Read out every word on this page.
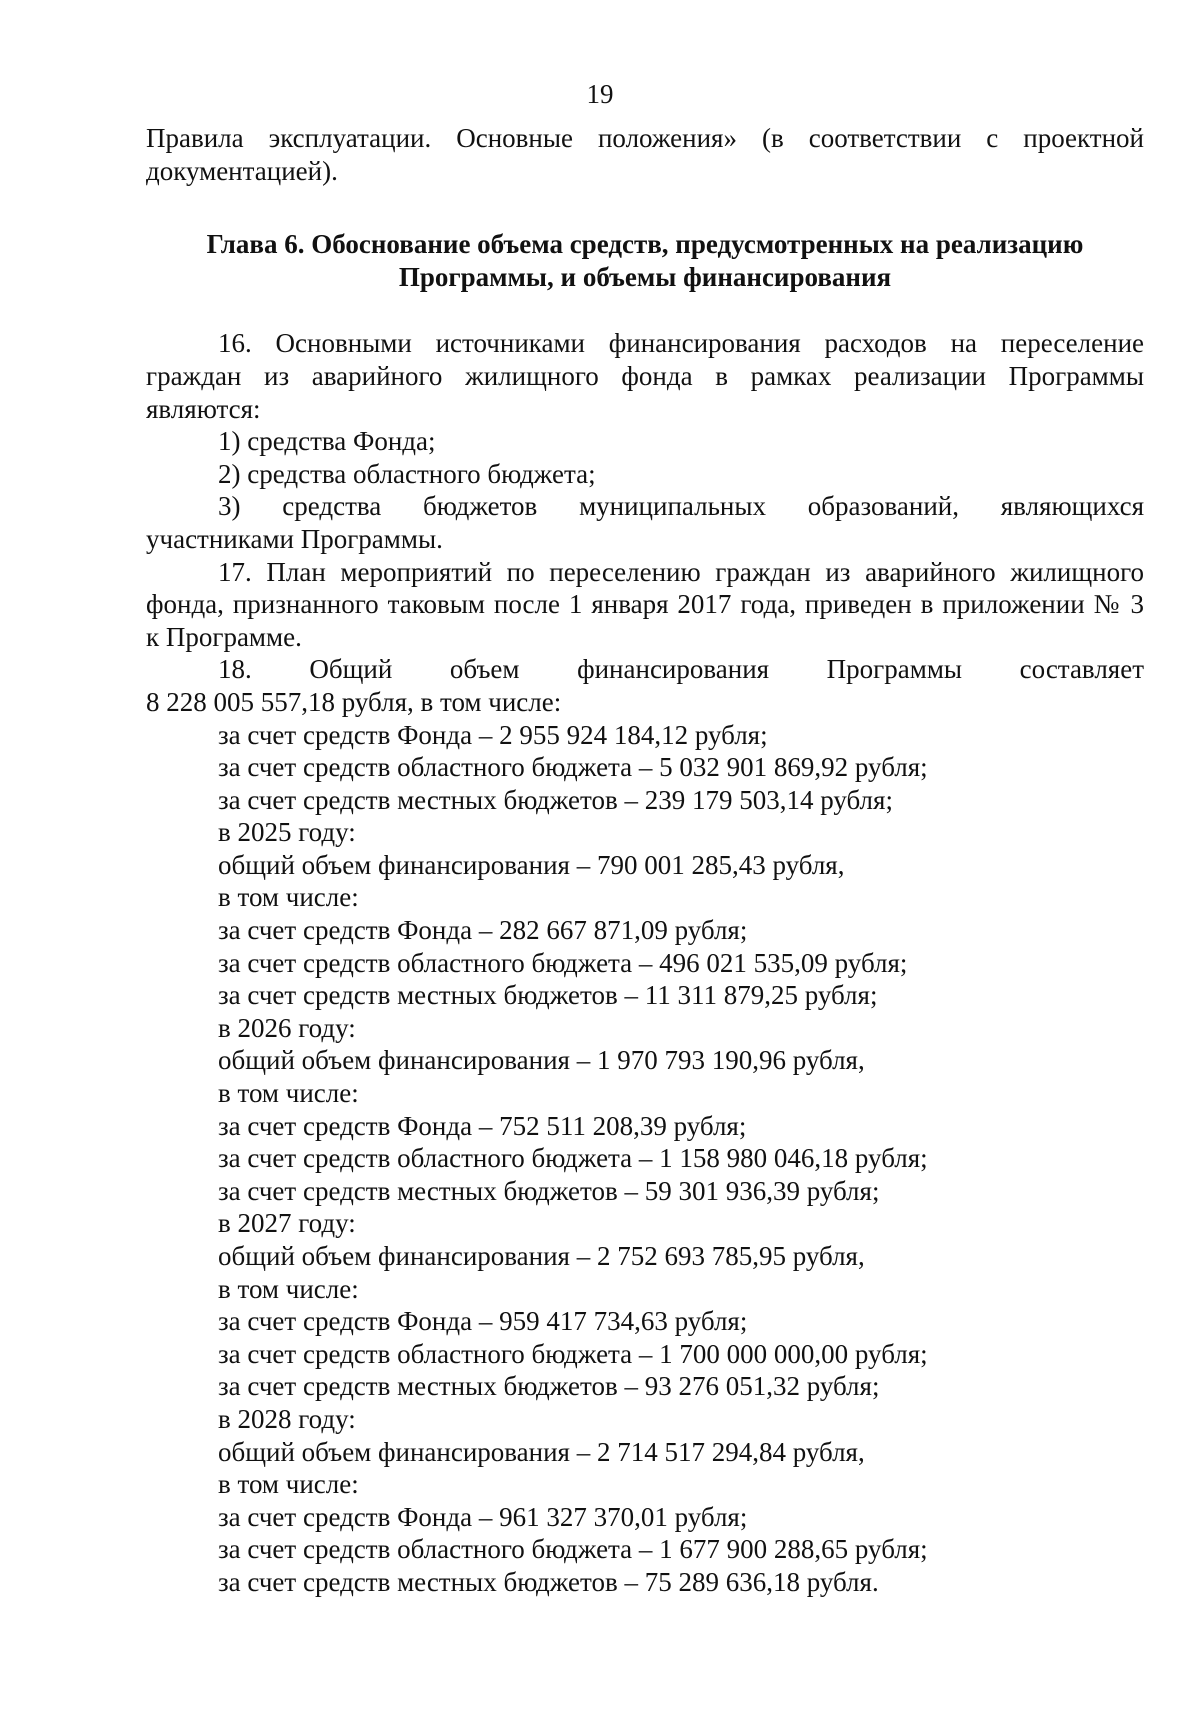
19

Правила эксплуатации. Основные положения» (в соответствии с проектной

документацией).

Глава 6. Обоснование объема средств, предусмотренных на реализацию

Программы, и объемы финансирования

16. Основными источниками финансирования расходов на переселение

граждан из аварийного жилищного фонда в рамках реализации Программы

являются:

1) средства Фонда;

2) средства областного бюджета;

3) средства бюджетов муниципальных образований, являющихся

участниками Программы.

17. План мероприятий по переселению граждан из аварийного жилищного

фонда, признанного таковым после 1 января 2017 года, приведен в приложении № 3

к Программе.

18. Общий объем финансирования Программы составляет

8 228 005 557,18 рубля, в том числе:

за счет средств Фонда – 2 955 924 184,12 рубля;

за счет средств областного бюджета – 5 032 901 869,92 рубля;

за счет средств местных бюджетов – 239 179 503,14 рубля;

в 2025 году:

общий объем финансирования – 790 001 285,43 рубля,

в том числе:

за счет средств Фонда – 282 667 871,09 рубля;

за счет средств областного бюджета – 496 021 535,09 рубля;

за счет средств местных бюджетов – 11 311 879,25 рубля;

в 2026 году:

общий объем финансирования – 1 970 793 190,96 рубля,

в том числе:

за счет средств Фонда – 752 511 208,39 рубля;

за счет средств областного бюджета – 1 158 980 046,18 рубля;

за счет средств местных бюджетов – 59 301 936,39 рубля;

в 2027 году:

общий объем финансирования – 2 752 693 785,95 рубля,

в том числе:

за счет средств Фонда – 959 417 734,63 рубля;

за счет средств областного бюджета – 1 700 000 000,00 рубля;

за счет средств местных бюджетов – 93 276 051,32 рубля;

в 2028 году:

общий объем финансирования – 2 714 517 294,84 рубля,

в том числе:

за счет средств Фонда – 961 327 370,01 рубля;

за счет средств областного бюджета – 1 677 900 288,65 рубля;

за счет средств местных бюджетов – 75 289 636,18 рубля.
